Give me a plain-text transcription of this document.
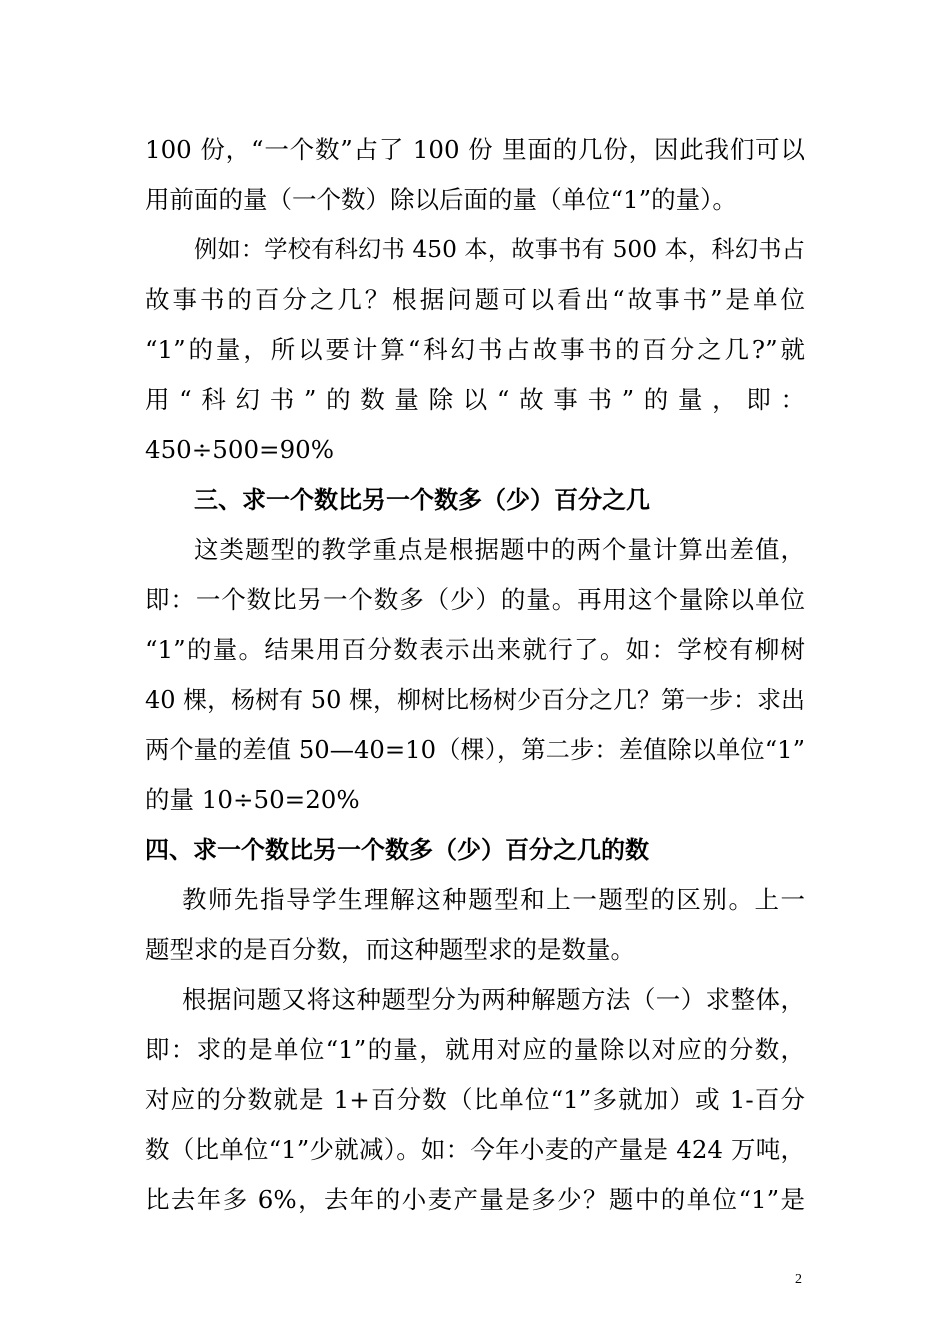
100 份，“一个数”占了 100 份 里面的几份，因此我们可以

用前面的量（一个数）除以后面的量（单位“1”的量）。

例如：学校有科幻书 450 本，故事书有 500 本，科幻书占

故事书的百分之几？根据问题可以看出“故事书”是单位

“1”的量，所以要计算“科幻书占故事书的百分之几?”就

用“科幻书”的数量除以“故事书”的量，即：

450÷500=90%

三、求一个数比另一个数多（少）百分之几

这类题型的教学重点是根据题中的两个量计算出差值，

即：一个数比另一个数多（少）的量。再用这个量除以单位

“1”的量。结果用百分数表示出来就行了。如：学校有柳树

40 棵，杨树有 50 棵，柳树比杨树少百分之几？第一步：求出

两个量的差值 50—40=10（棵），第二步：差值除以单位“1”

的量 10÷50=20%

四、求一个数比另一个数多（少）百分之几的数

教师先指导学生理解这种题型和上一题型的区别。上一

题型求的是百分数，而这种题型求的是数量。

根据问题又将这种题型分为两种解题方法（一）求整体，

即：求的是单位“1”的量，就用对应的量除以对应的分数，

对应的分数就是 1+百分数（比单位“1”多就加）或 1-百分

数（比单位“1”少就减）。如：今年小麦的产量是 424 万吨，

比去年多 6%，去年的小麦产量是多少？题中的单位“1”是

2
